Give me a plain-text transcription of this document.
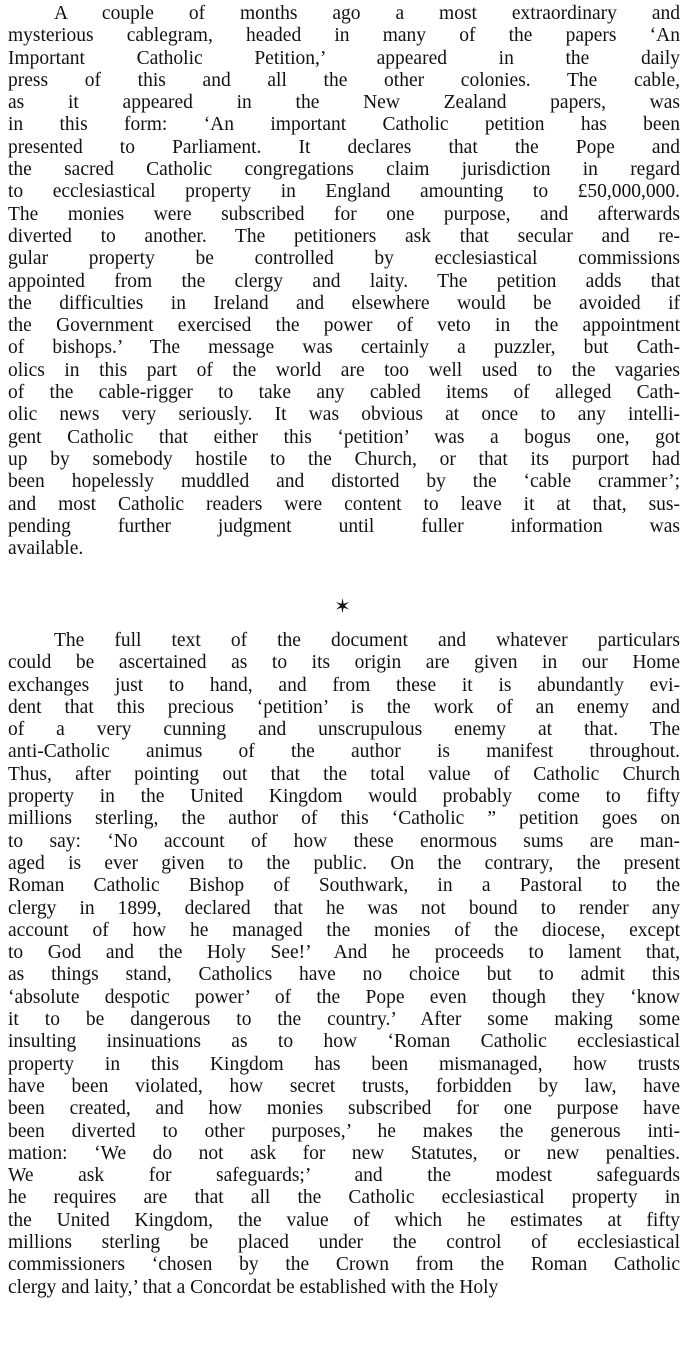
A couple of months ago a most extraordinary and
mysterious cablegram, headed in many of the papers ‘An
Important Catholic Petition,’ appeared in the daily
press of this and all the other colonies. The cable,
as it appeared in the New Zealand papers, was
in this form: ‘An important Catholic petition has been
presented to Parliament. It declares that the Pope and
the sacred Catholic congregations claim jurisdiction in regard
to ecclesiastical property in England amounting to £50,000,000.
The monies were subscribed for one purpose, and afterwards
diverted to another. The petitioners ask that secular and re-
gular property be controlled by ecclesiastical commissions
appointed from the clergy and laity. The petition adds that
the difficulties in Ireland and elsewhere would be avoided if
the Government exercised the power of veto in the appointment
of bishops.’ The message was certainly a puzzler, but Cath-
olics in this part of the world are too well used to the vagaries
of the cable-rigger to take any cabled items of alleged Cath-
olic news very seriously. It was obvious at once to any intelli-
gent Catholic that either this ‘petition’ was a bogus one, got
up by somebody hostile to the Church, or that its purport had
been hopelessly muddled and distorted by the ‘cable crammer’;
and most Catholic readers were content to leave it at that, sus-
pending further judgment until fuller information was
available.
✶
The full text of the document and whatever particulars
could be ascertained as to its origin are given in our Home
exchanges just to hand, and from these it is abundantly evi-
dent that this precious ‘petition’ is the work of an enemy and
of a very cunning and unscrupulous enemy at that. The
anti-Catholic animus of the author is manifest throughout.
Thus, after pointing out that the total value of Catholic Church
property in the United Kingdom would probably come to fifty
millions sterling, the author of this ‘Catholic ” petition goes on
to say: ‘No account of how these enormous sums are man-
aged is ever given to the public. On the contrary, the present
Roman Catholic Bishop of Southwark, in a Pastoral to the
clergy in 1899, declared that he was not bound to render any
account of how he managed the monies of the diocese, except
to God and the Holy See!’ And he proceeds to lament that,
as things stand, Catholics have no choice but to admit this
‘absolute despotic power’ of the Pope even though they ‘know
it to be dangerous to the country.’ After some making some
insulting insinuations as to how ‘Roman Catholic ecclesiastical
property in this Kingdom has been mismanaged, how trusts
have been violated, how secret trusts, forbidden by law, have
been created, and how monies subscribed for one purpose have
been diverted to other purposes,’ he makes the generous inti-
mation: ‘We do not ask for new Statutes, or new penalties.
We ask for safeguards;’ and the modest safeguards
he requires are that all the Catholic ecclesiastical property in
the United Kingdom, the value of which he estimates at fifty
millions sterling be placed under the control of ecclesiastical
commissioners ‘chosen by the Crown from the Roman Catholic
clergy and laity,’ that a Concordat be established with the Holy
